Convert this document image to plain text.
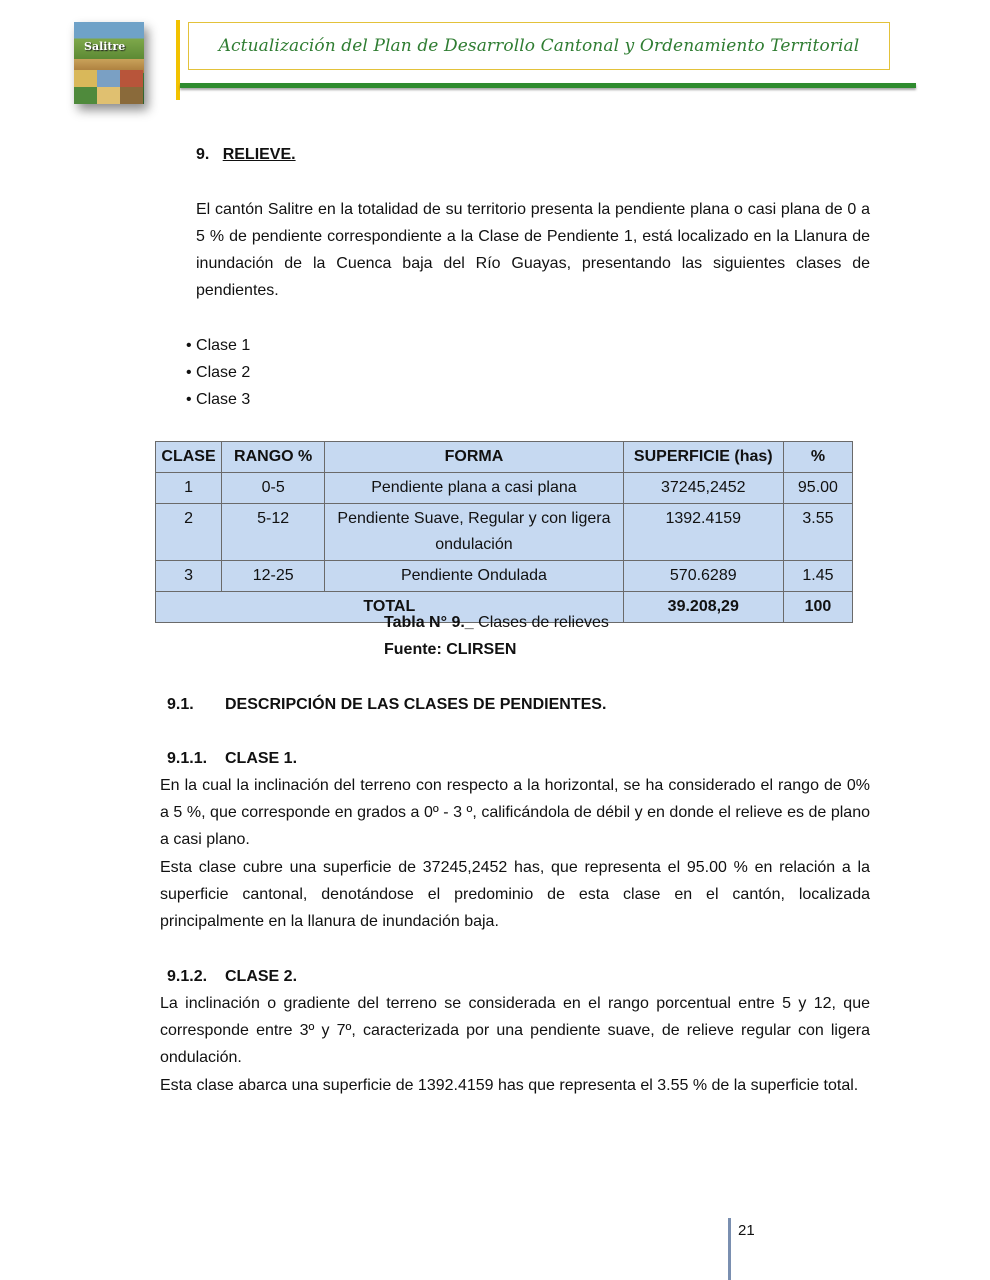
Salitre	Actualización del Plan de Desarrollo Cantonal y Ordenamiento Territorial
9. RELIEVE.
El cantón Salitre en la totalidad de su territorio presenta la pendiente plana o casi plana de 0 a 5 % de pendiente correspondiente a la Clase de Pendiente 1, está localizado en la Llanura de inundación de la Cuenca baja del Río Guayas, presentando las siguientes clases de pendientes.
• Clase 1
• Clase 2
• Clase 3
CLASE	RANGO %	FORMA	SUPERFICIE (has)	%
1	0-5	Pendiente plana a casi plana	37245,2452	95.00
2	5-12	Pendiente Suave, Regular y con ligera ondulación	1392.4159	3.55
3	12-25	Pendiente Ondulada	570.6289	1.45
TOTAL			39.208,29	100
Tabla N° 9._ Clases de relieves
Fuente: CLIRSEN
9.1. DESCRIPCIÓN DE LAS CLASES DE PENDIENTES.
9.1.1. CLASE 1.
En la cual la inclinación del terreno con respecto a la horizontal, se ha considerado el rango de 0% a 5 %, que corresponde en grados a 0º - 3 º, calificándola de débil y en donde el relieve es de plano a casi plano.
Esta clase cubre una superficie de 37245,2452 has, que representa el 95.00 % en relación a la superficie cantonal, denotándose el predominio de esta clase en el cantón, localizada principalmente en la llanura de inundación baja.
9.1.2. CLASE 2.
La inclinación o gradiente del terreno se considerada en el rango porcentual entre 5 y 12, que corresponde entre 3º y 7º, caracterizada por una pendiente suave, de relieve regular con ligera ondulación.
Esta clase abarca una superficie de 1392.4159 has que representa el 3.55 % de la superficie total.
21
